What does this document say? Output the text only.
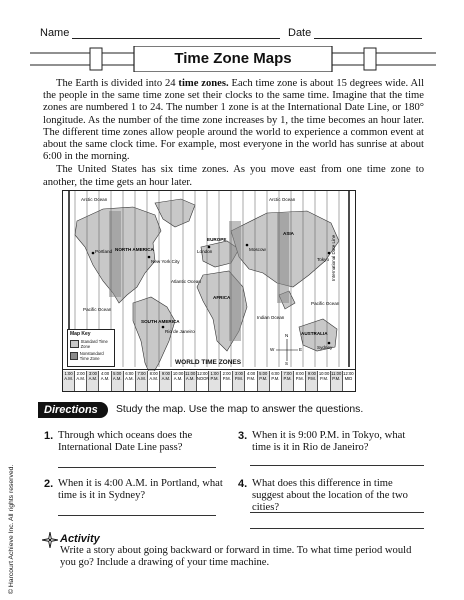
Name	Date
Time Zone Maps

The Earth is divided into 24 time zones. Each time zone is about 15 degrees wide. All the people in the same time zone set their clocks to the same time. Imagine that the time zones are numbered 1 to 24. The number 1 zone is at the International Date Line, or 180° longitude. As the number of the time zone increases by 1, the time becomes an hour later. The different time zones allow people around the world to experience a common event at about the same clock time. For example, most everyone in the world has sunrise at about 6:00 in the morning.

The United States has six time zones. As you move east from one time zone to another, the time gets an hour later.

Arctic Ocean	Arctic Ocean
NORTH AMERICA
EUROPE
ASIA
AFRICA
SOUTH AMERICA
AUSTRALIA
Pacific Ocean
Pacific Ocean
Atlantic Ocean
Indian Ocean
Portland
New York City
Rio de Janeiro
Tokyo
Sydney
London	Moscow	International Date Line
Map Key
Standard Time Zone
Nonstandard Time Zone
WORLD TIME ZONES
N
S
W	E
1:00 A.M.
2:00 A.M.
3:00 A.M.
4:00 A.M.
5:00 A.M.
6:00 A.M.
7:00 A.M.
8:00 A.M.
9:00 A.M.
10:00 A.M.
11:00 A.M.
12:00 NOON
1:00 P.M.
2:00 P.M.
3:00 P.M.
4:00 P.M.
5:00 P.M.
6:00 P.M.
7:00 P.M.
8:00 P.M.
9:00 P.M.
10:00 P.M.
11:00 P.M.
12:00 MID
Directions	Study the map. Use the map to answer the questions.
1. Through which oceans does the International Date Line pass?
2. When it is 4:00 A.M. in Portland, what time is it in Sydney?
3. When it is 9:00 P.M. in Tokyo, what time is it in Rio de Janeiro?
4. What does this difference in time suggest about the location of the two cities?
Activity
Write a story about going backward or forward in time. To what time period would you go? Include a drawing of your time machine.
© Harcourt Achieve Inc. All rights reserved.
